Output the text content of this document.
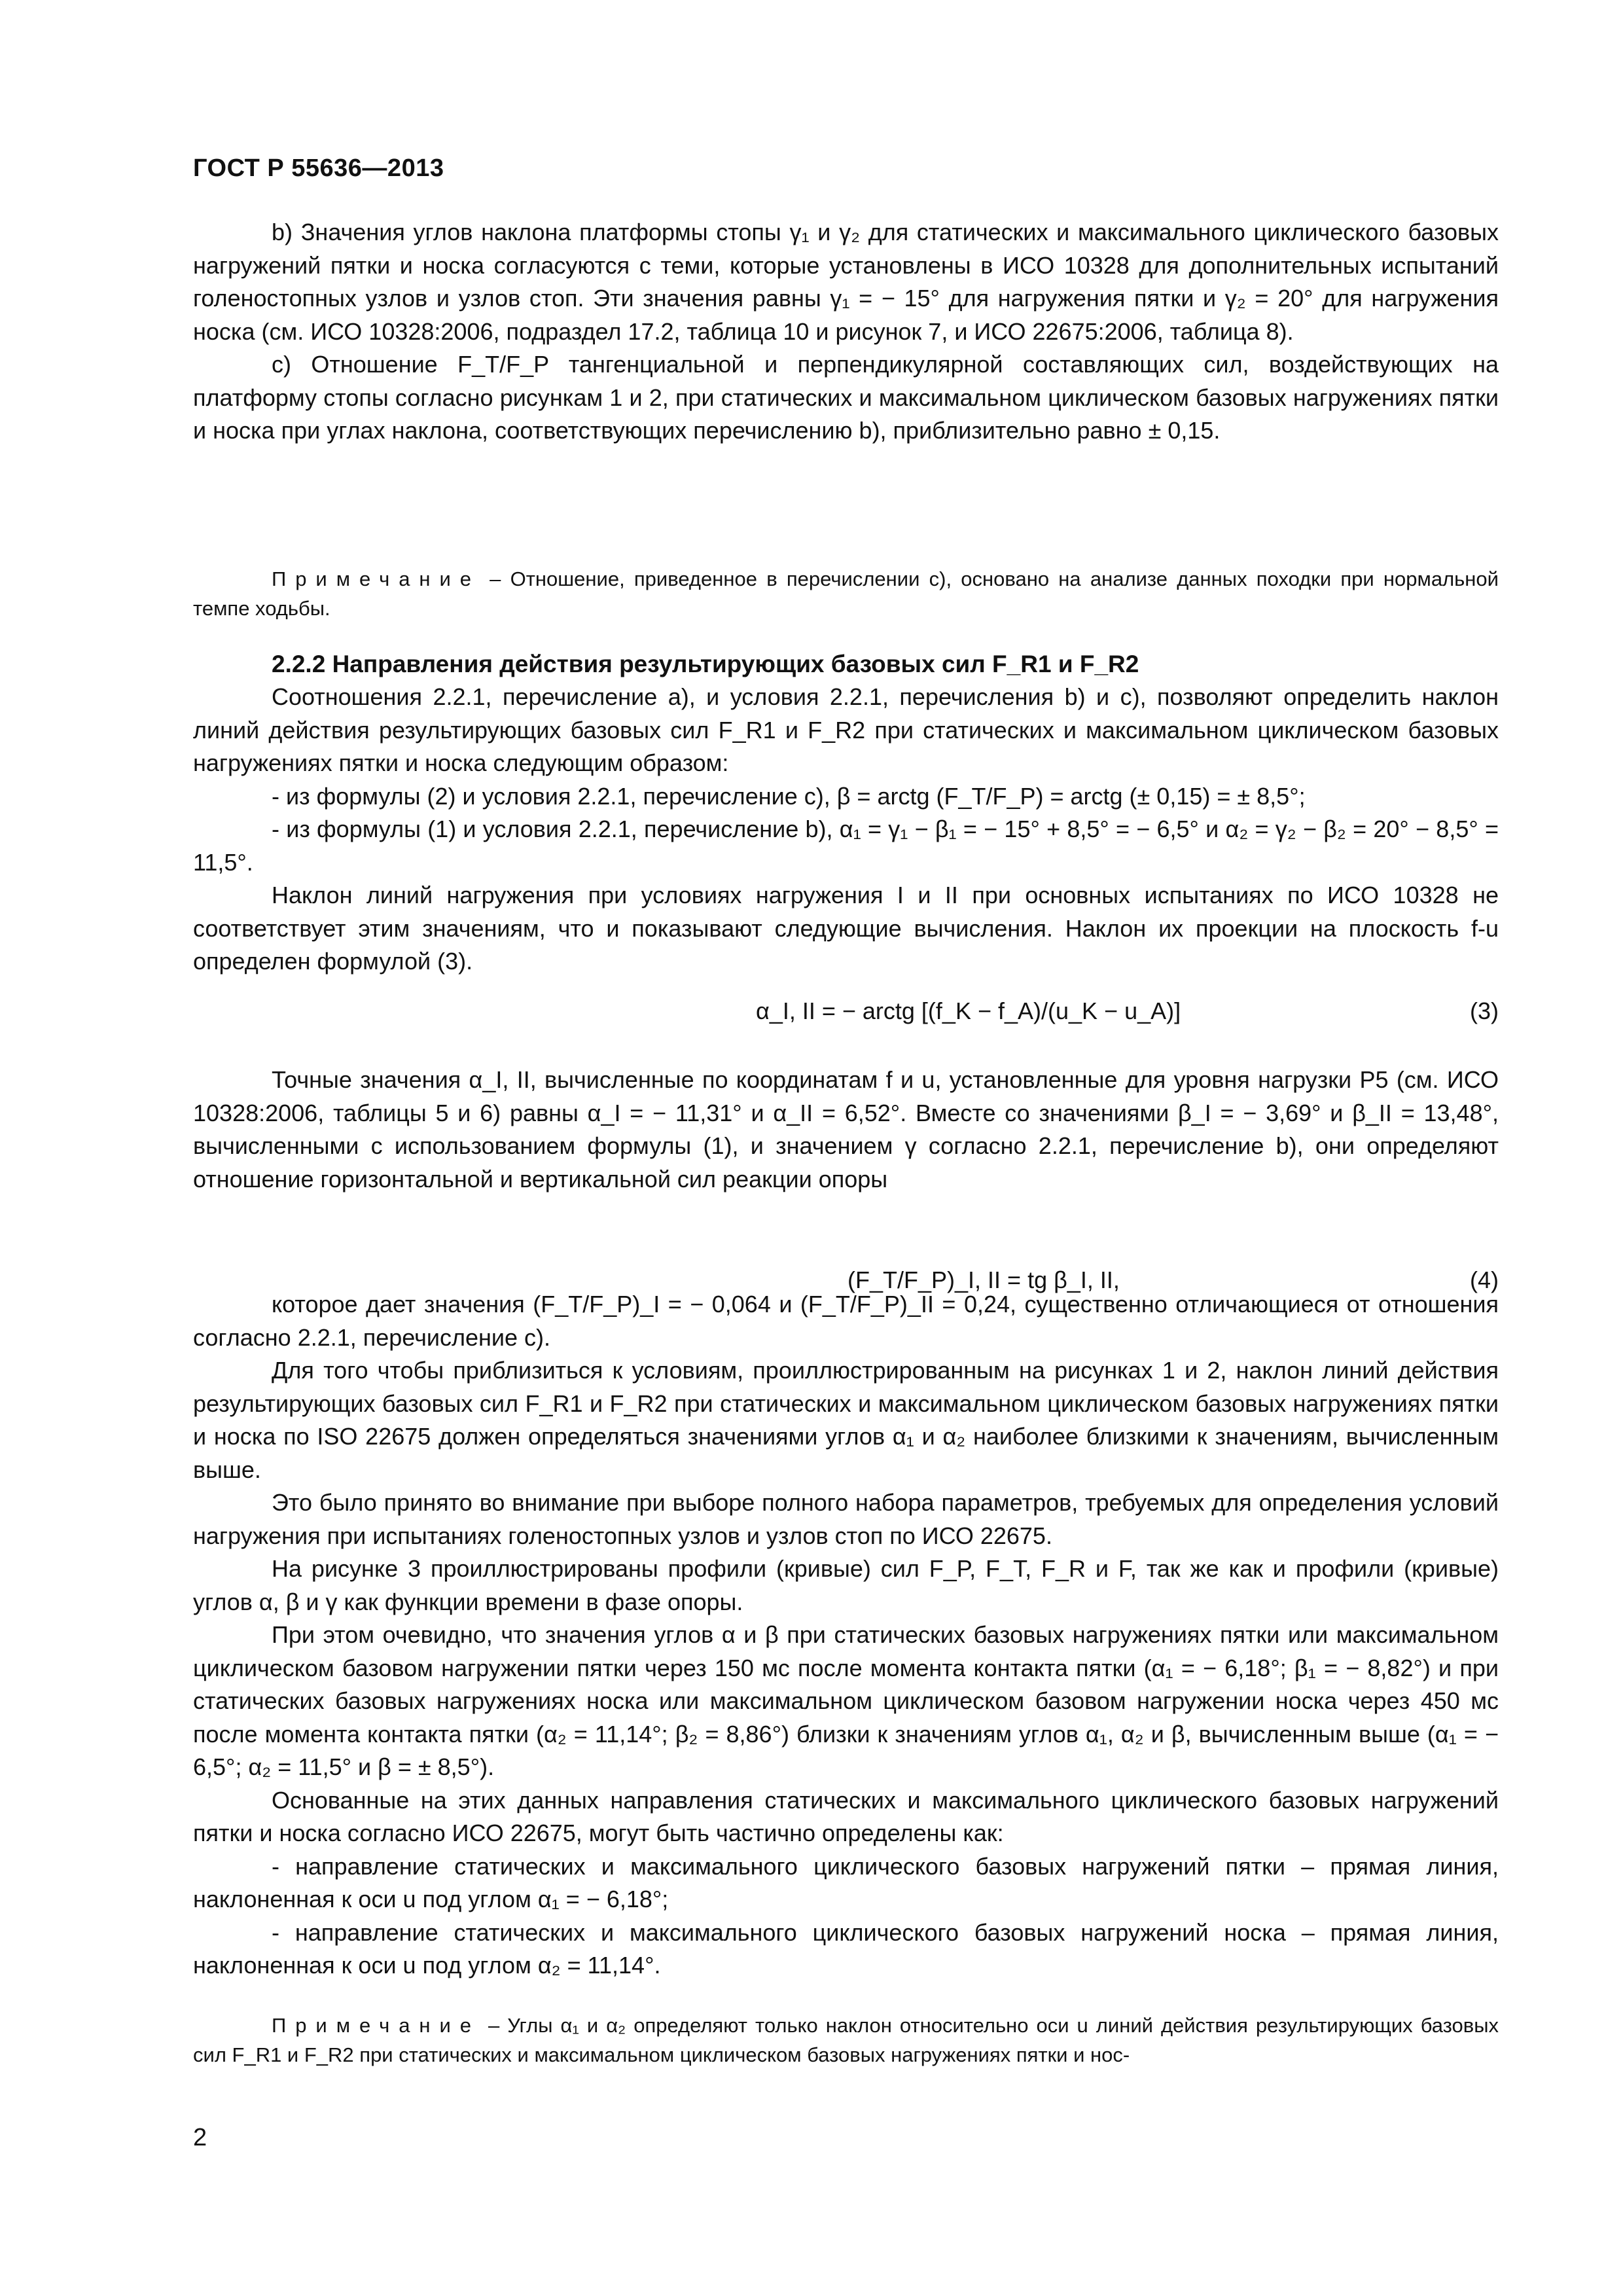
ГОСТ Р 55636—2013

b) Значения углов наклона платформы стопы γ₁ и γ₂ для статических и максимального циклического базовых нагружений пятки и носка согласуются с теми, которые установлены в ИСО 10328 для дополнительных испытаний голеностопных узлов и узлов стоп. Эти значения равны γ₁ = − 15° для нагружения пятки и γ₂ = 20° для нагружения носка (см. ИСО 10328:2006, подраздел 17.2, таблица 10 и рисунок 7, и ИСО 22675:2006, таблица 8).

c) Отношение F_T/F_P тангенциальной и перпендикулярной составляющих сил, воздействующих на платформу стопы согласно рисункам 1 и 2, при статических и максимальном циклическом базовых нагружениях пятки и носка при углах наклона, соответствующих перечислению b), приблизительно равно ± 0,15.

Примечание – Отношение, приведенное в перечислении с), основано на анализе данных походки при нормальной темпе ходьбы.

2.2.2 Направления действия результирующих базовых сил F_R1 и F_R2

Соотношения 2.2.1, перечисление a), и условия 2.2.1, перечисления b) и c), позволяют определить наклон линий действия результирующих базовых сил F_R1 и F_R2 при статических и максимальном циклическом базовых нагружениях пятки и носка следующим образом:

- из формулы (2) и условия 2.2.1, перечисление c), β = arctg (F_T/F_P) = arctg (± 0,15) = ± 8,5°;

- из формулы (1) и условия 2.2.1, перечисление b), α₁ = γ₁ − β₁ = − 15° + 8,5° = − 6,5° и α₂ = γ₂ − β₂ = 20° − 8,5° = 11,5°.

Наклон линий нагружения при условиях нагружения I и II при основных испытаниях по ИСО 10328 не соответствует этим значениям, что и показывают следующие вычисления. Наклон их проекции на плоскость f-u определен формулой (3).

α_I, II = − arctg [(f_K − f_A)/(u_K − u_A)]	(3)

Точные значения α_I, II, вычисленные по координатам f и u, установленные для уровня нагрузки P5 (см. ИСО 10328:2006, таблицы 5 и 6) равны α_I = − 11,31° и α_II = 6,52°. Вместе со значениями β_I = − 3,69° и β_II = 13,48°, вычисленными с использованием формулы (1), и значением γ согласно 2.2.1, перечисление b), они определяют отношение горизонтальной и вертикальной сил реакции опоры

(F_T/F_P)_I, II = tg β_I, II,	(4)

которое дает значения (F_T/F_P)_I = − 0,064 и (F_T/F_P)_II = 0,24, существенно отличающиеся от отношения согласно 2.2.1, перечисление с).

Для того чтобы приблизиться к условиям, проиллюстрированным на рисунках 1 и 2, наклон линий действия результирующих базовых сил F_R1 и F_R2 при статических и максимальном циклическом базовых нагружениях пятки и носка по ISO 22675 должен определяться значениями углов α₁ и α₂ наиболее близкими к значениям, вычисленным выше.

Это было принято во внимание при выборе полного набора параметров, требуемых для определения условий нагружения при испытаниях голеностопных узлов и узлов стоп по ИСО 22675.

На рисунке 3 проиллюстрированы профили (кривые) сил F_P, F_T, F_R и F, так же как и профили (кривые) углов α, β и γ как функции времени в фазе опоры.

При этом очевидно, что значения углов α и β при статических базовых нагружениях пятки или максимальном циклическом базовом нагружении пятки через 150 мс после момента контакта пятки (α₁ = − 6,18°; β₁ = − 8,82°) и при статических базовых нагружениях носка или максимальном циклическом базовом нагружении носка через 450 мс после момента контакта пятки (α₂ = 11,14°; β₂ = 8,86°) близки к значениям углов α₁, α₂ и β, вычисленным выше (α₁ = − 6,5°; α₂ = 11,5° и β = ± 8,5°).

Основанные на этих данных направления статических и максимального циклического базовых нагружений пятки и носка согласно ИСО 22675, могут быть частично определены как:

- направление статических и максимального циклического базовых нагружений пятки – прямая линия, наклоненная к оси u под углом α₁ = − 6,18°;

- направление статических и максимального циклического базовых нагружений носка – прямая линия, наклоненная к оси u под углом α₂ = 11,14°.

Примечание – Углы α₁ и α₂ определяют только наклон относительно оси u линий действия результирующих базовых сил F_R1 и F_R2 при статических и максимальном циклическом базовых нагружениях пятки и нос-

2
